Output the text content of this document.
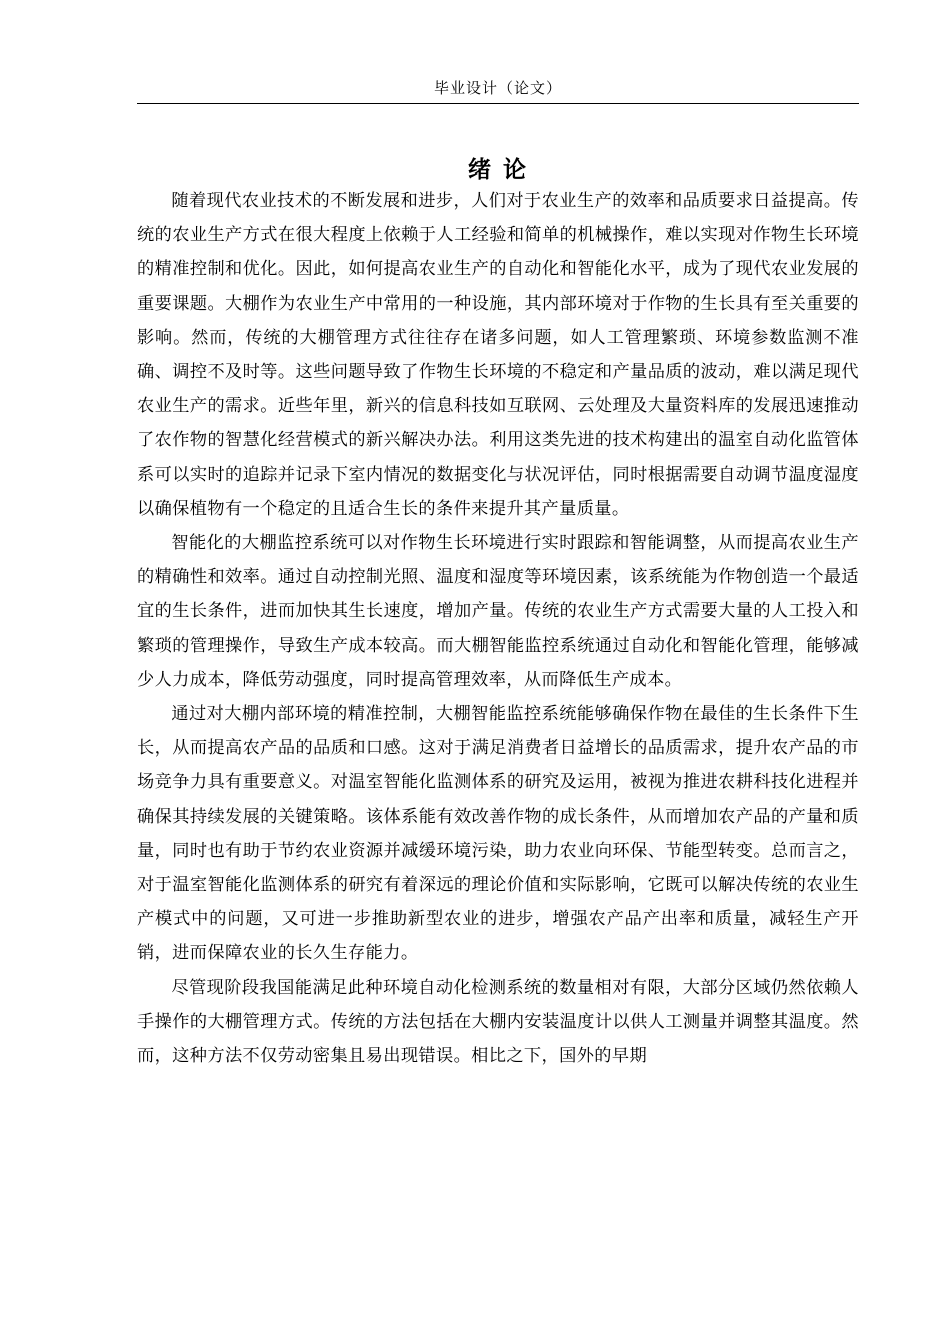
毕业设计（论文）
绪 论

随着现代农业技术的不断发展和进步，人们对于农业生产的效率和品质要求日益提高。传统的农业生产方式在很大程度上依赖于人工经验和简单的机械操作，难以实现对作物生长环境的精准控制和优化。因此，如何提高农业生产的自动化和智能化水平，成为了现代农业发展的重要课题。大棚作为农业生产中常用的一种设施，其内部环境对于作物的生长具有至关重要的影响。然而，传统的大棚管理方式往往存在诸多问题，如人工管理繁琐、环境参数监测不准确、调控不及时等。这些问题导致了作物生长环境的不稳定和产量品质的波动，难以满足现代农业生产的需求。近些年里，新兴的信息科技如互联网、云处理及大量资料库的发展迅速推动了农作物的智慧化经营模式的新兴解决办法。利用这类先进的技术构建出的温室自动化监管体系可以实时的追踪并记录下室内情况的数据变化与状况评估，同时根据需要自动调节温度湿度以确保植物有一个稳定的且适合生长的条件来提升其产量质量。

智能化的大棚监控系统可以对作物生长环境进行实时跟踪和智能调整，从而提高农业生产的精确性和效率。通过自动控制光照、温度和湿度等环境因素，该系统能为作物创造一个最适宜的生长条件，进而加快其生长速度，增加产量。传统的农业生产方式需要大量的人工投入和繁琐的管理操作，导致生产成本较高。而大棚智能监控系统通过自动化和智能化管理，能够减少人力成本，降低劳动强度，同时提高管理效率，从而降低生产成本。

通过对大棚内部环境的精准控制，大棚智能监控系统能够确保作物在最佳的生长条件下生长，从而提高农产品的品质和口感。这对于满足消费者日益增长的品质需求，提升农产品的市场竞争力具有重要意义。对温室智能化监测体系的研究及运用，被视为推进农耕科技化进程并确保其持续发展的关键策略。该体系能有效改善作物的成长条件，从而增加农产品的产量和质量，同时也有助于节约农业资源并减缓环境污染，助力农业向环保、节能型转变。总而言之，对于温室智能化监测体系的研究有着深远的理论价值和实际影响，它既可以解决传统的农业生产模式中的问题，又可进一步推助新型农业的进步，增强农产品产出率和质量，减轻生产开销，进而保障农业的长久生存能力。

尽管现阶段我国能满足此种环境自动化检测系统的数量相对有限，大部分区域仍然依赖人手操作的大棚管理方式。传统的方法包括在大棚内安装温度计以供人工测量并调整其温度。然而，这种方法不仅劳动密集且易出现错误。相比之下，国外的早期
